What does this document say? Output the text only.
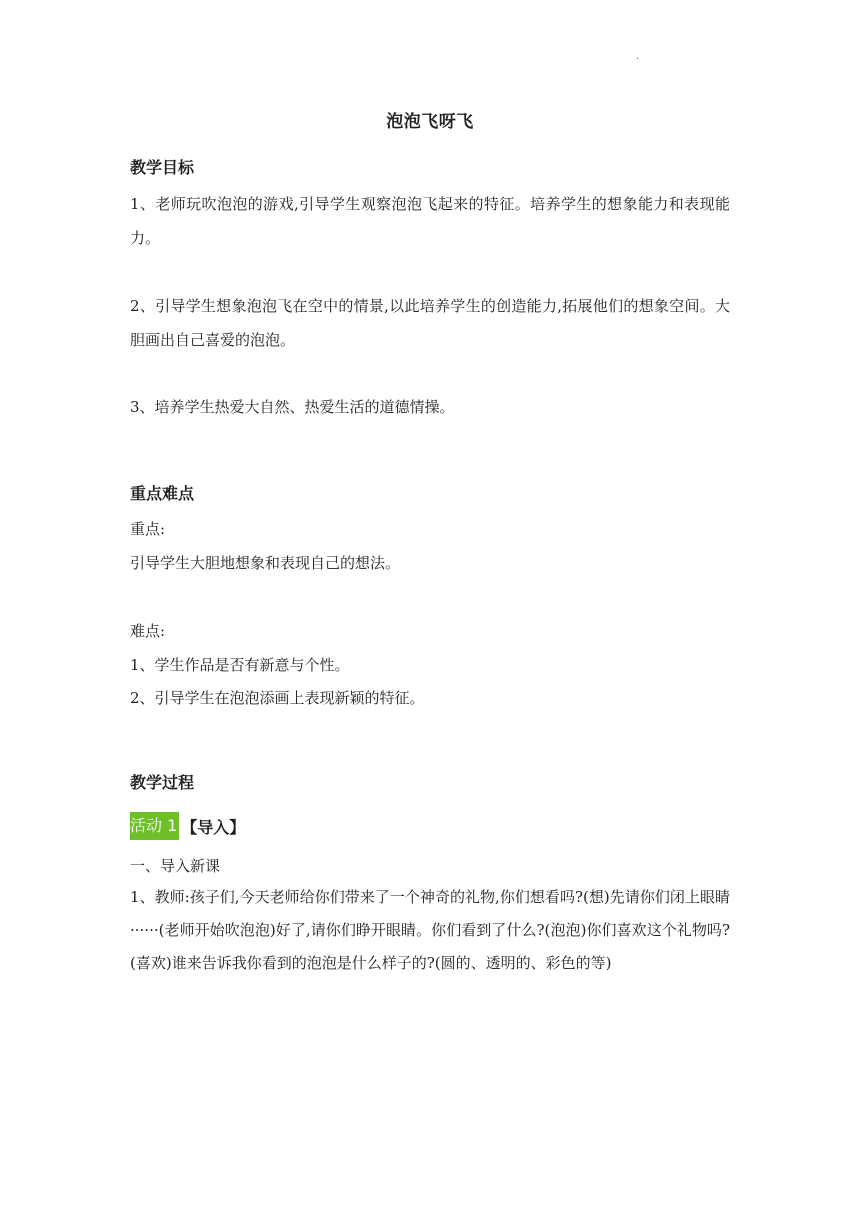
·
泡泡飞呀飞
教学目标
1、老师玩吹泡泡的游戏,引导学生观察泡泡飞起来的特征。培养学生的想象能力和表现能力。
2、引导学生想象泡泡飞在空中的情景,以此培养学生的创造能力,拓展他们的想象空间。大胆画出自己喜爱的泡泡。
3、培养学生热爱大自然、热爱生活的道德情操。
重点难点
重点:
引导学生大胆地想象和表现自己的想法。
难点:
1、学生作品是否有新意与个性。
2、引导学生在泡泡添画上表现新颖的特征。
教学过程
活动 1 【导入】
一、导入新课
1、教师:孩子们,今天老师给你们带来了一个神奇的礼物,你们想看吗?(想)先请你们闭上眼睛······(老师开始吹泡泡)好了,请你们睁开眼睛。你们看到了什么?(泡泡)你们喜欢这个礼物吗?(喜欢)谁来告诉我你看到的泡泡是什么样子的?(圆的、透明的、彩色的等)
